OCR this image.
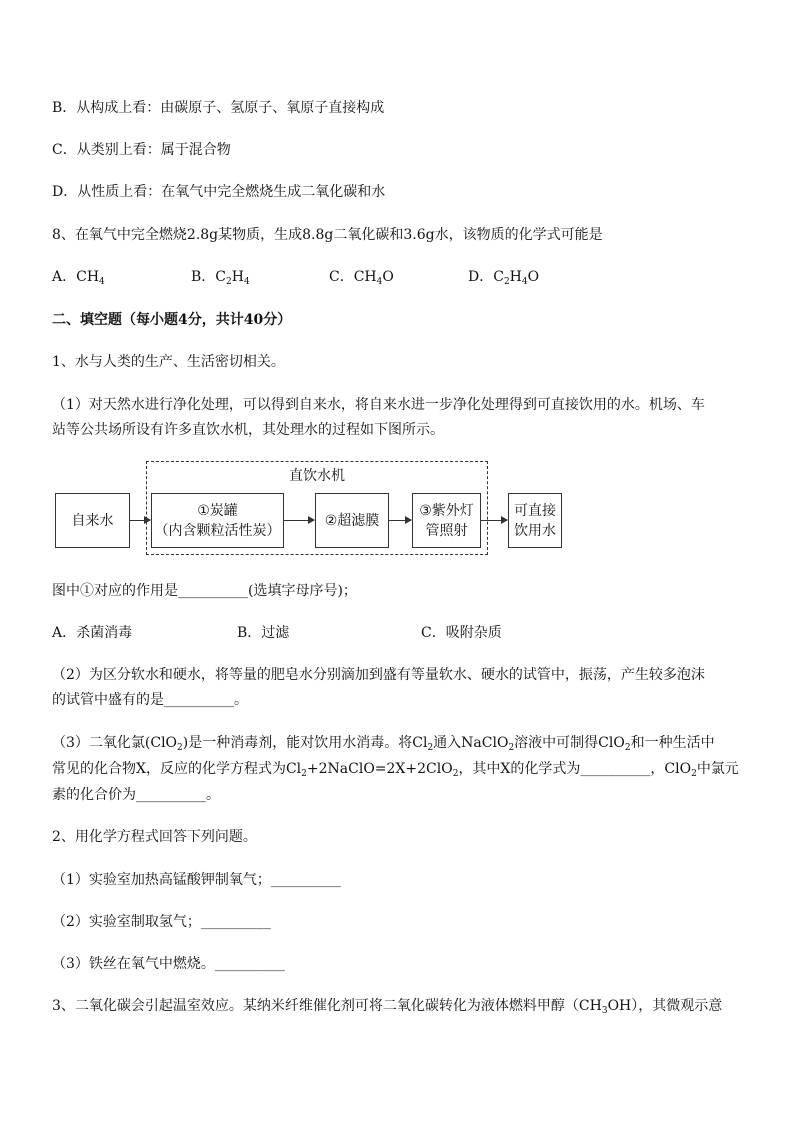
B．从构成上看：由碳原子、氢原子、氧原子直接构成
C．从类别上看：属于混合物
D．从性质上看：在氧气中完全燃烧生成二氧化碳和水
8、在氧气中完全燃烧2.8g某物质，生成8.8g二氧化碳和3.6g水，该物质的化学式可能是
A．$CH_4$	B．$C_2H_4$	C．$CH_4O$	D．$C_2H_4O$
二、填空题（每小题4分，共计40分）
1、水与人类的生产、生活密切相关。
（1）对天然水进行净化处理，可以得到自来水，将自来水进一步净化处理得到可直接饮用的水。机场、车
站等公共场所设有许多直饮水机，其处理水的过程如下图所示。
直饮水机
自来水
①炭罐
（内含颗粒活性炭）
②超滤膜
③紫外灯
管照射
可直接
饮用水
图中①对应的作用是__________(选填字母序号)；
A．杀菌消毒	B．过滤	C．吸附杂质
（2）为区分软水和硬水，将等量的肥皂水分别滴加到盛有等量软水、硬水的试管中，振荡，产生较多泡沫
的试管中盛有的是__________。
（3）二氧化氯(ClO$_2$)是一种消毒剂，能对饮用水消毒。将$Cl_2$通入NaClO$_2$溶液中可制得ClO$_2$和一种生活中
常见的化合物X，反应的化学方程式为$Cl_2+2NaClO=2X+2ClO_2$，其中X的化学式为__________，ClO$_2$中氯元
素的化合价为__________。
2、用化学方程式回答下列问题。
（1）实验室加热高锰酸钾制氧气；__________
（2）实验室制取氢气；__________
（3）铁丝在氧气中燃烧。__________
3、二氧化碳会引起温室效应。某纳米纤维催化剂可将二氧化碳转化为液体燃料甲醇$(CH_3OH)$，其微观示意
